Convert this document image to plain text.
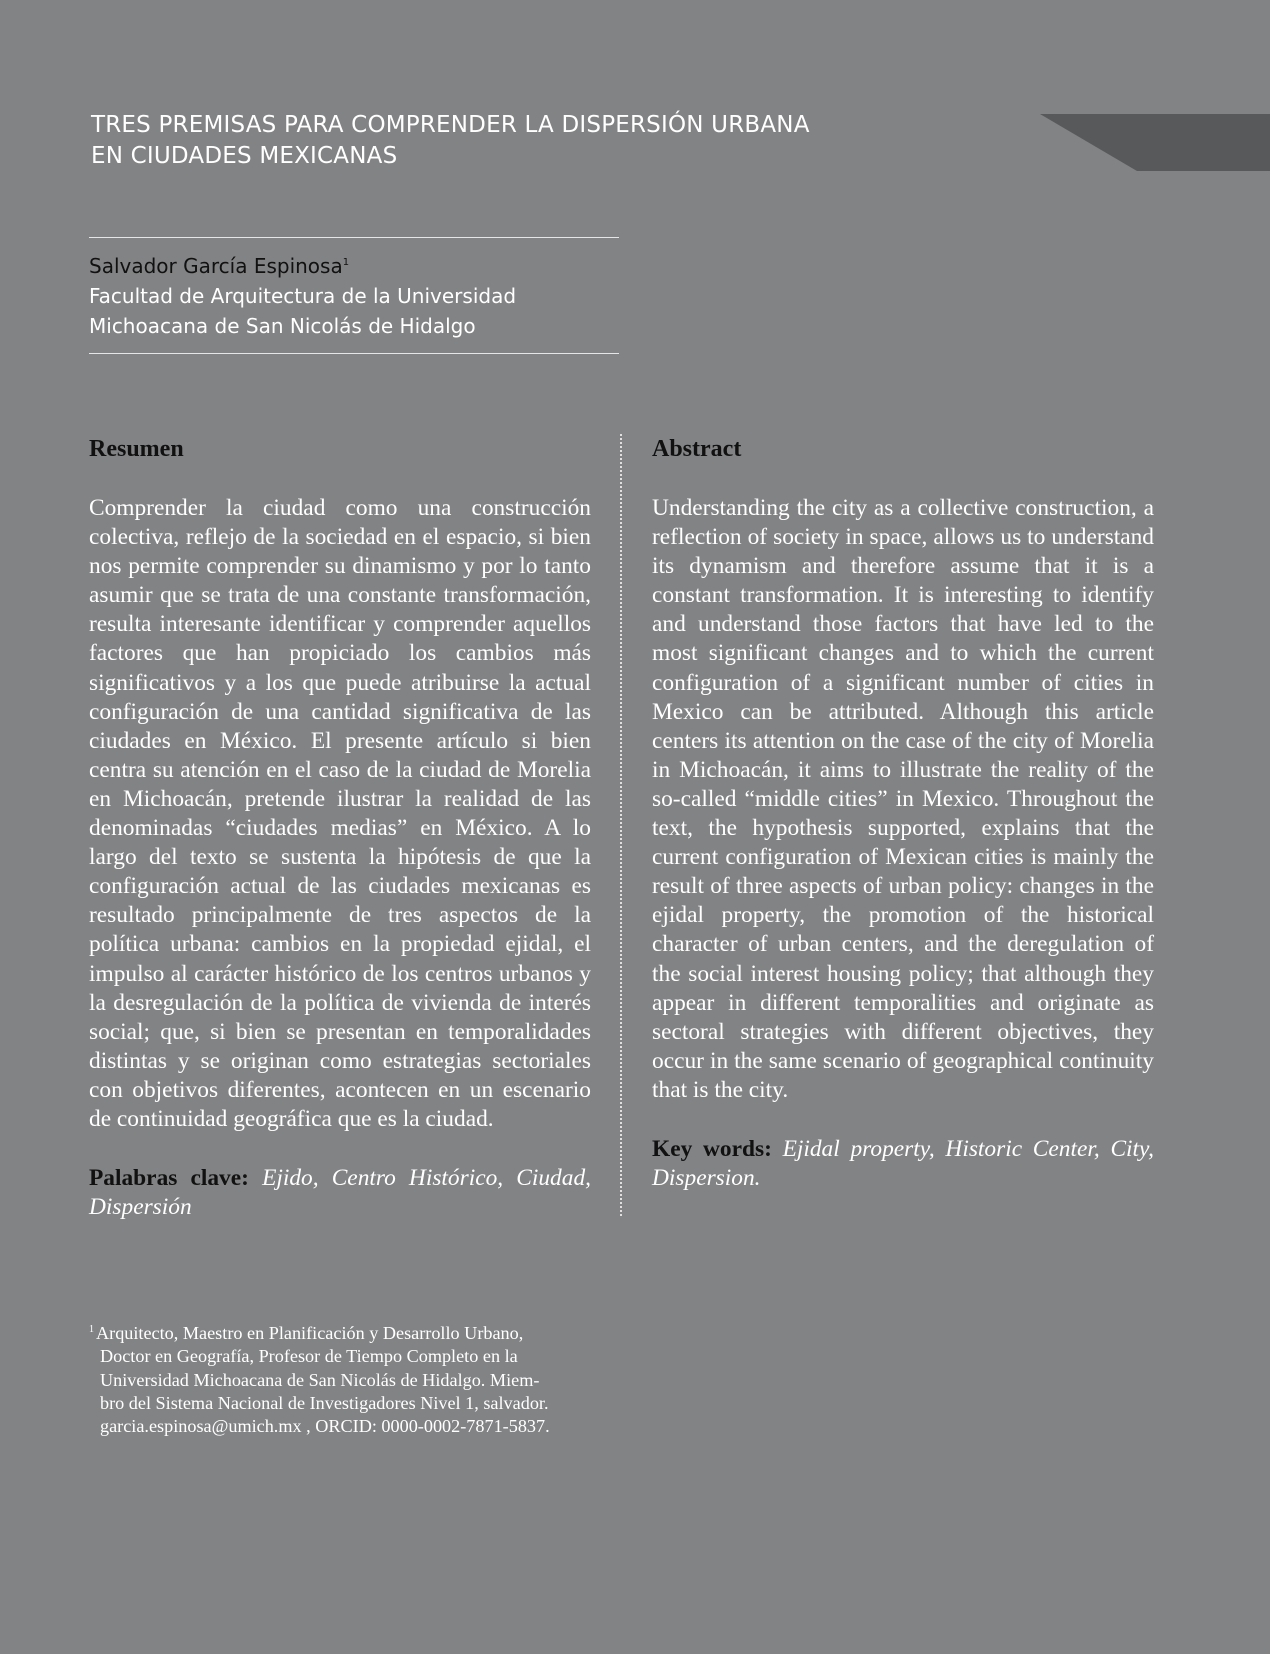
TRES PREMISAS PARA COMPRENDER LA DISPERSIÓN URBANA
EN CIUDADES MEXICANAS
Salvador García Espinosa$^1$
Facultad de Arquitectura de la Universidad
Michoacana de San Nicolás de Hidalgo
Resumen

Comprender la ciudad como una construcción colectiva, reflejo de la sociedad en el espacio, si bien nos permite comprender su dinamismo y por lo tanto asumir que se trata de una constante transformación, resulta interesante identificar y comprender aquellos factores que han propiciado los cambios más significativos y a los que puede atribuirse la actual configuración de una cantidad significativa de las ciudades en México. El presente artículo si bien centra su atención en el caso de la ciudad de Morelia en Michoacán, pretende ilustrar la realidad de las denominadas “ciudades medias” en México. A lo largo del texto se sustenta la hipótesis de que la configuración actual de las ciudades mexicanas es resultado principalmente de tres aspectos de la política urbana: cambios en la propiedad ejidal, el impulso al carácter histórico de los centros urbanos y la desregulación de la política de vivienda de interés social; que, si bien se presentan en temporalidades distintas y se originan como estrategias sectoriales con objetivos diferentes, acontecen en un escenario de continuidad geográfica que es la ciudad.

Palabras clave: Ejido, Centro Histórico, Ciudad, Dispersión

Abstract

Understanding the city as a collective construction, a reflection of society in space, allows us to understand its dynamism and therefore assume that it is a constant transformation. It is interesting to identify and understand those factors that have led to the most significant changes and to which the current configuration of a significant number of cities in Mexico can be attributed. Although this article centers its attention on the case of the city of Morelia in Michoacán, it aims to illustrate the reality of the so-called “middle cities” in Mexico. Throughout the text, the hypothesis supported, explains that the current configuration of Mexican cities is mainly the result of three aspects of urban policy: changes in the ejidal property, the promotion of the historical character of urban centers, and the deregulation of the social interest housing policy; that although they appear in different temporalities and originate as sectoral strategies with different objectives, they occur in the same scenario of geographical continuity that is the city.

Key words: Ejidal property, Historic Center, City, Dispersion.

$^1$ Arquitecto, Maestro en Planificación y Desarrollo Urbano,
Doctor en Geografía, Profesor de Tiempo Completo en la
Universidad Michoacana de San Nicolás de Hidalgo. Miem-
bro del Sistema Nacional de Investigadores Nivel 1, salvador.
garcia.espinosa@umich.mx , ORCID: 0000-0002-7871-5837.
